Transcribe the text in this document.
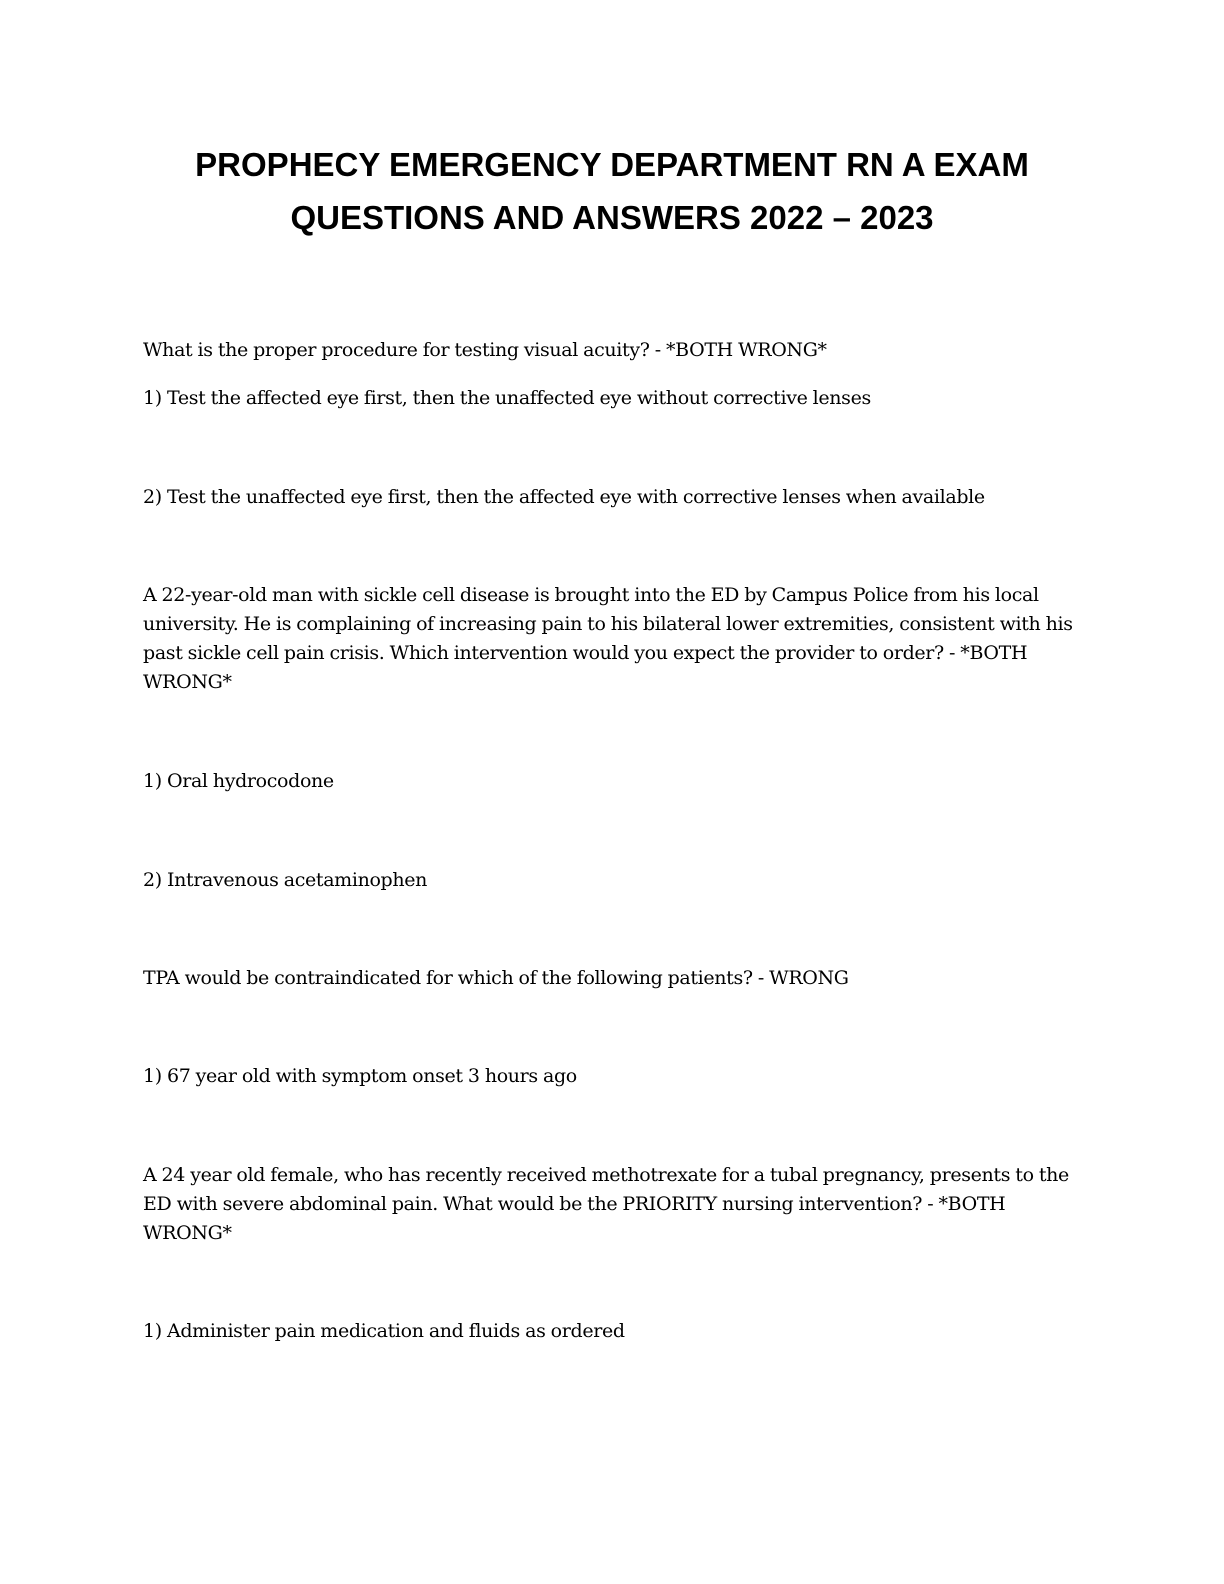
PROPHECY EMERGENCY DEPARTMENT RN A EXAM
QUESTIONS AND ANSWERS 2022 – 2023

What is the proper procedure for testing visual acuity? - *BOTH WRONG*

1) Test the affected eye first, then the unaffected eye without corrective lenses

2) Test the unaffected eye first, then the affected eye with corrective lenses when available

A 22-year-old man with sickle cell disease is brought into the ED by Campus Police from his local university. He is complaining of increasing pain to his bilateral lower extremities, consistent with his past sickle cell pain crisis. Which intervention would you expect the provider to order? - *BOTH WRONG*

1) Oral hydrocodone

2) Intravenous acetaminophen

TPA would be contraindicated for which of the following patients? - WRONG

1) 67 year old with symptom onset 3 hours ago

A 24 year old female, who has recently received methotrexate for a tubal pregnancy, presents to the ED with severe abdominal pain. What would be the PRIORITY nursing intervention? - *BOTH WRONG*

1) Administer pain medication and fluids as ordered
